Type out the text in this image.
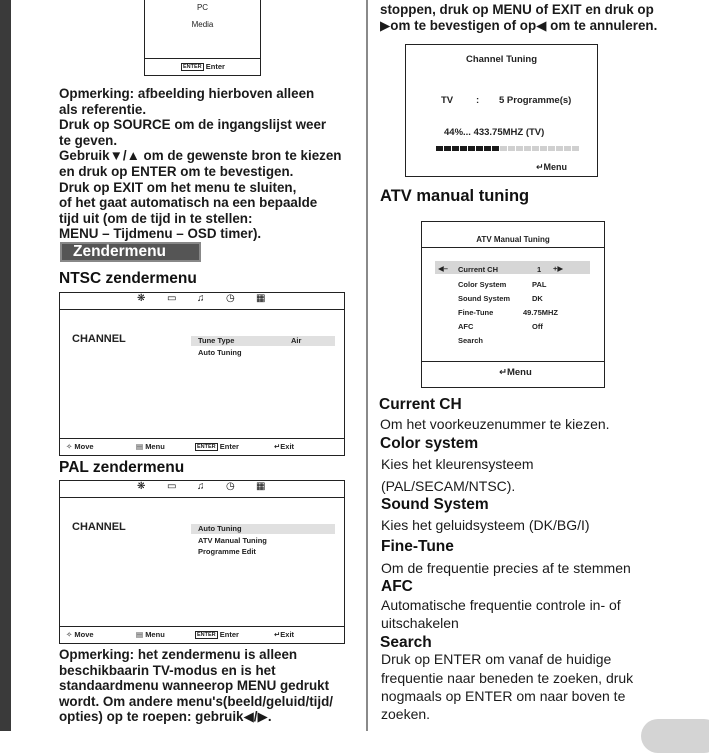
PC
Media
ENTER Enter
Opmerking: afbeelding hierboven alleen
als referentie.
Druk op SOURCE om de ingangslijst weer
te geven.
Gebruik▼/▲ om de gewenste bron te kiezen
en druk op ENTER om te bevestigen.
Druk op EXIT om het menu te sluiten,
of het gaat automatisch na een bepaalde
tijd uit (om de tijd in te stellen:
MENU – Tijdmenu – OSD timer).
Zendermenu
NTSC zendermenu
❋ ▭ ♫ ◷ ▦
CHANNEL	Tune Type	Air
Auto Tuning
✧ Move	▤ Menu	ENTER Enter	↵Exit
PAL zendermenu
❋ ▭ ♫ ◷ ▦
CHANNEL	Auto Tuning
ATV Manual Tuning
Programme Edit
✧ Move	▤ Menu	ENTER Enter	↵Exit
Opmerking: het zendermenu is alleen
beschikbaarin TV-modus en is het
standaardmenu wanneerop MENU gedrukt
wordt. Om andere menu's(beeld/geluid/tijd/
opties) op te roepen: gebruik◀/▶.
stoppen, druk op MENU of EXIT en druk op
▶om te bevestigen of op◀ om te annuleren.
Channel Tuning
TV : 5 Programme(s)
44%... 433.75MHZ (TV)
↵Menu
ATV manual tuning
ATV Manual Tuning
◀– Current CH	1 +▶
Color System	PAL
Sound System	DK
Fine-Tune	49.75MHZ
AFC	Off
Search
↵Menu
Current CH
Om het voorkeuzenummer te kiezen.
Color system
Kies het kleurensysteem
(PAL/SECAM/NTSC).
Sound System
Kies het geluidsysteem (DK/BG/I)
Fine-Tune
Om de frequentie precies af te stemmen
AFC
Automatische frequentie controle in- of
uitschakelen
Search
Druk op ENTER om vanaf de huidige
frequentie naar beneden te zoeken, druk
nogmaals op ENTER om naar boven te
zoeken.
